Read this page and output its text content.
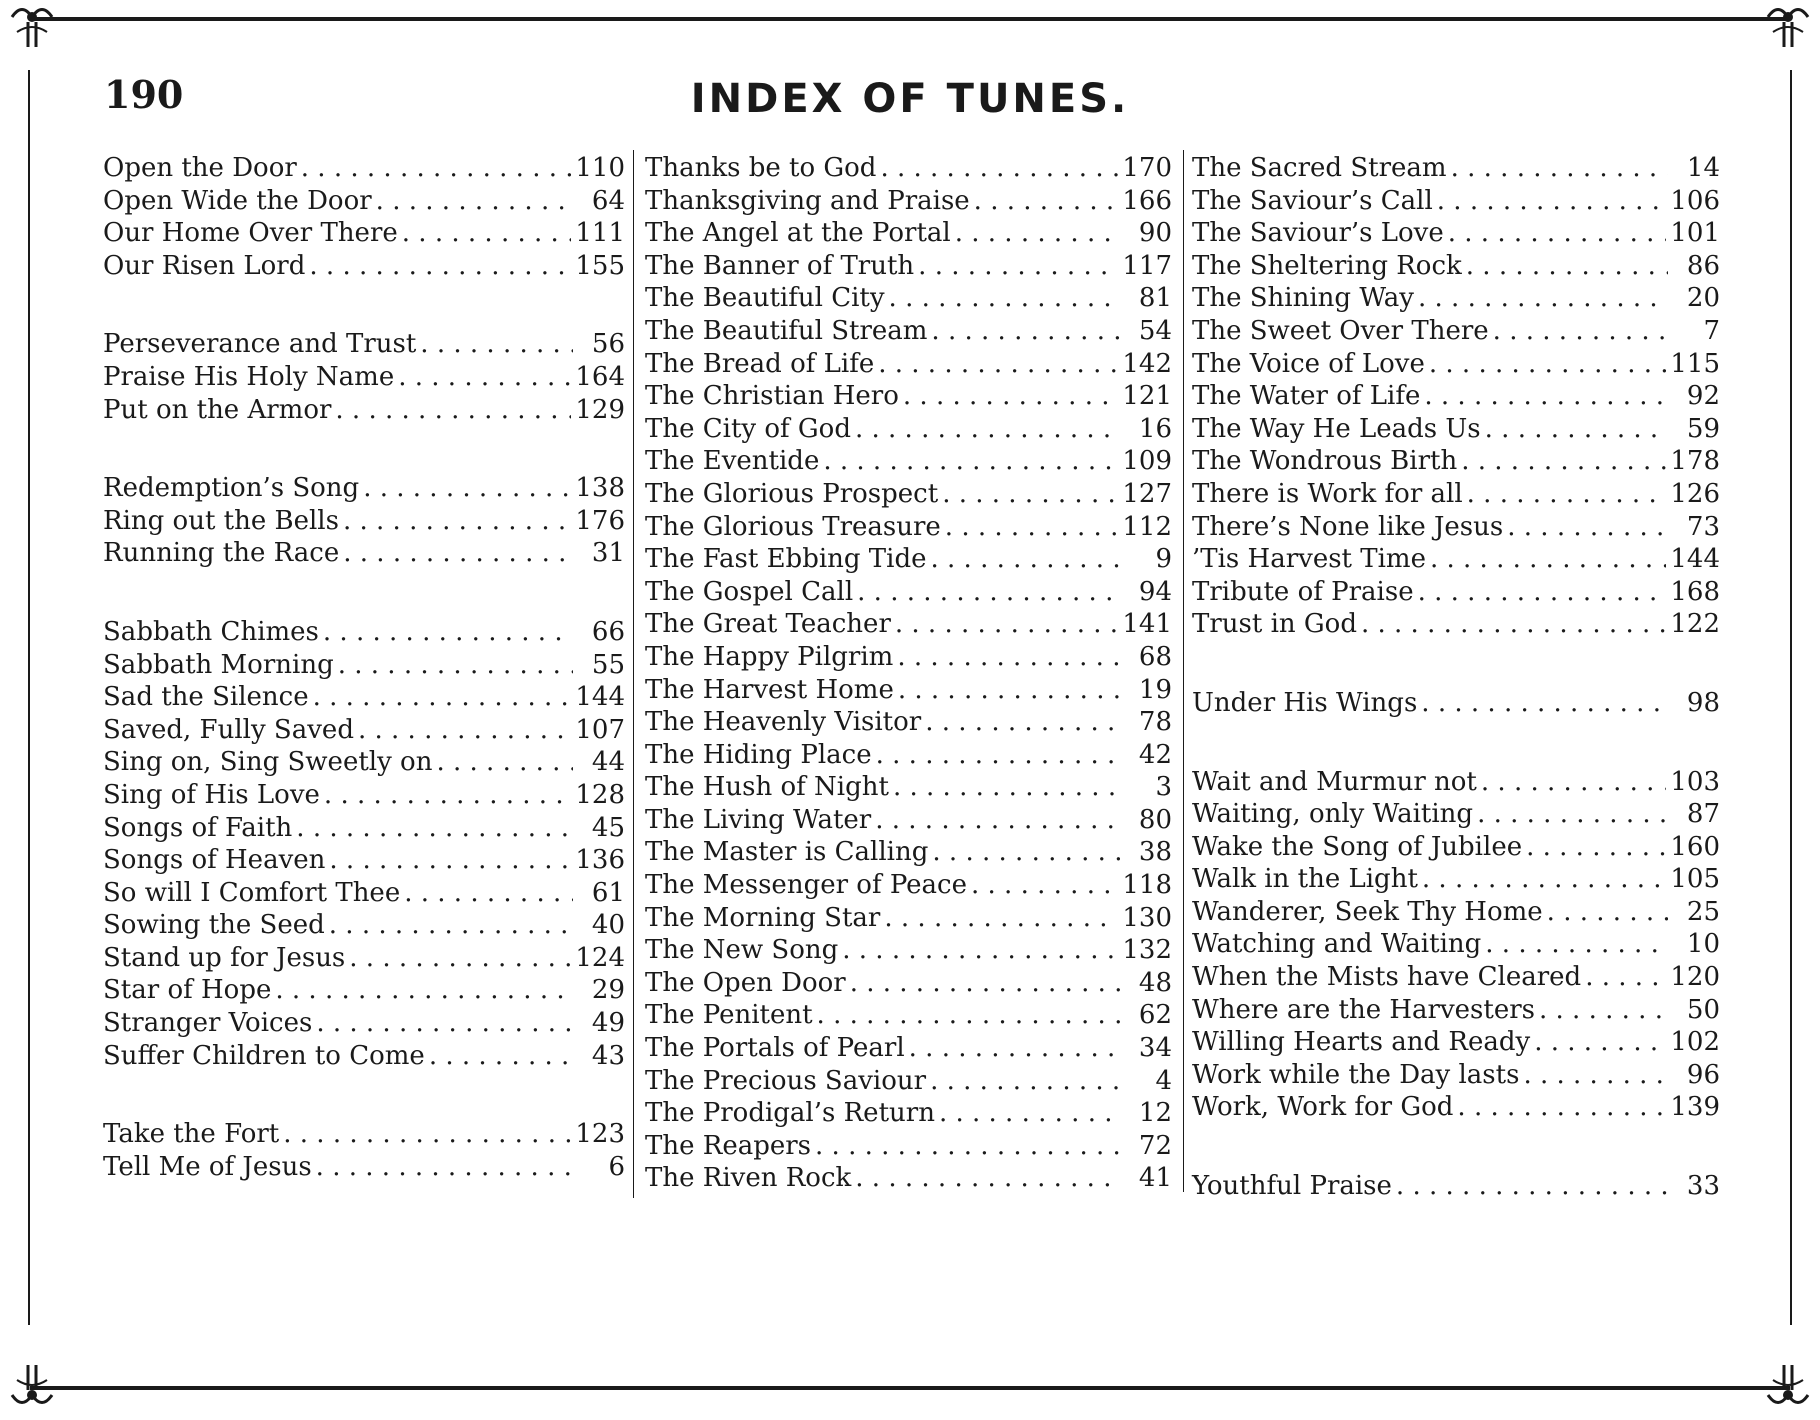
190	INDEX OF TUNES.
Open the Door . . .	110
Open Wide the Door . . .	64
Our Home Over There . . .	111
Our Risen Lord . . .	155
Perseverance and Trust . . .	56
Praise His Holy Name . . .	164
Put on the Armor . . .	129
Redemption’s Song . . .	138
Ring out the Bells . . .	176
Running the Race . . .	31
Sabbath Chimes . . .	66
Sabbath Morning . . .	55
Sad the Silence . . .	144
Saved, Fully Saved . . .	107
Sing on, Sing Sweetly on . . .	44
Sing of His Love . . .	128
Songs of Faith . . .	45
Songs of Heaven . . .	136
So will I Comfort Thee . . .	61
Sowing the Seed . . .	40
Stand up for Jesus . . .	124
Star of Hope . . .	29
Stranger Voices . . .	49
Suffer Children to Come . . .	43
Take the Fort . . .	123
Tell Me of Jesus . . .	6
Thanks be to God . . .	170
Thanksgiving and Praise . . .	166
The Angel at the Portal . . .	90
The Banner of Truth . . .	117
The Beautiful City . . .	81
The Beautiful Stream . . .	54
The Bread of Life . . .	142
The Christian Hero . . .	121
The City of God . . .	16
The Eventide . . .	109
The Glorious Prospect . . .	127
The Glorious Treasure . . .	112
The Fast Ebbing Tide . . .	9
The Gospel Call . . .	94
The Great Teacher . . .	141
The Happy Pilgrim . . .	68
The Harvest Home . . .	19
The Heavenly Visitor . . .	78
The Hiding Place . . .	42
The Hush of Night . . .	3
The Living Water . . .	80
The Master is Calling . . .	38
The Messenger of Peace . . .	118
The Morning Star . . .	130
The New Song . . .	132
The Open Door . . .	48
The Penitent . . .	62
The Portals of Pearl . . .	34
The Precious Saviour . . .	4
The Prodigal’s Return . . .	12
The Reapers . . .	72
The Riven Rock . . .	41
The Sacred Stream . . .	14
The Saviour’s Call . . .	106
The Saviour’s Love . . .	101
The Sheltering Rock . . .	86
The Shining Way . . .	20
The Sweet Over There . . .	7
The Voice of Love . . .	115
The Water of Life . . .	92
The Way He Leads Us . . .	59
The Wondrous Birth . . .	178
There is Work for all . . .	126
There’s None like Jesus . . .	73
’Tis Harvest Time . . .	144
Tribute of Praise . . .	168
Trust in God . . .	122
Under His Wings . . .	98
Wait and Murmur not . . .	103
Waiting, only Waiting . . .	87
Wake the Song of Jubilee . . .	160
Walk in the Light . . .	105
Wanderer, Seek Thy Home . . .	25
Watching and Waiting . . .	10
When the Mists have Cleared . . .	120
Where are the Harvesters . . .	50
Willing Hearts and Ready . . .	102
Work while the Day lasts . . .	96
Work, Work for God . . .	139
Youthful Praise . . .	33
